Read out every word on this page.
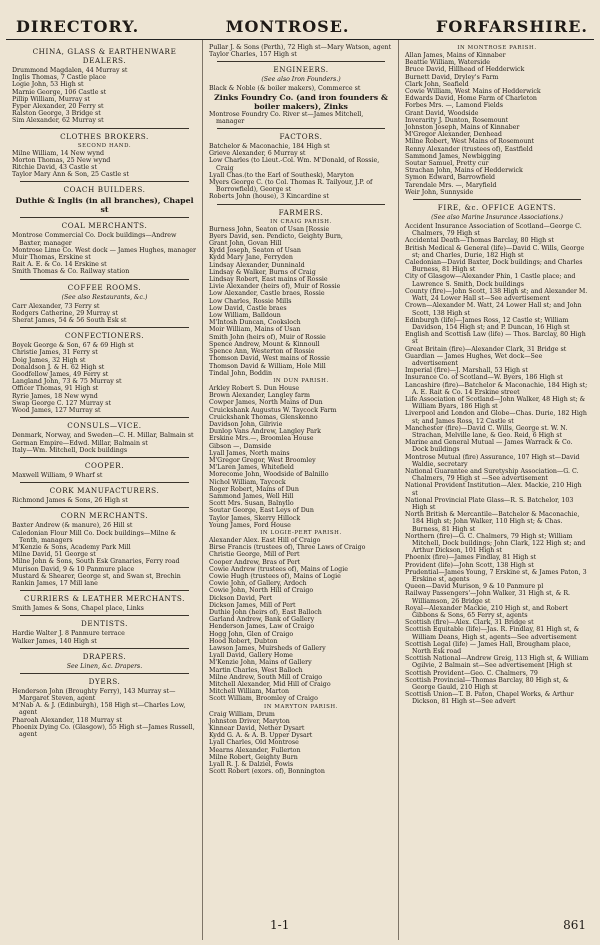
DIRECTORY.	MONTROSE.	FORFARSHIRE.
CHINA, GLASS & EARTHENWARE DEALERS.
Drummond Magdalen, 44 Murray st
Inglis Thomas, 7 Castle place
Logie John, 53 High st
Marnie George, 106 Castle st
Pillip William, Murray st
Fyper Alexander, 20 Ferry st
Ralston George, 3 Bridge st
Sim Alexander, 62 Murray st
CLOTHES BROKERS.
SECOND HAND.
Milne William, 14 New wynd
Morton Thomas, 25 New wynd
Ritchie David, 43 Castle st
Taylor Mary Ann & Son, 25 Castle st
COACH BUILDERS.
Duthie & Inglis (in all branches), Chapel st
COAL MERCHANTS.
Montrose Commercial Co. Dock buildings—Andrew Baxter, manager
Montrose Lime Co. West dock — James Hughes, manager
Muir Thomas, Erskine st
Rait A. E. & Co. 14 Erskine st
Smith Thomas & Co. Railway station
COFFEE ROOMS.
(See also Restaurants, &c.)
Carr Alexander, 73 Ferry st
Rodgers Catherine, 29 Murray st
Sherat James, 54 & 56 South Esk st
CONFECTIONERS.
Boyek George & Son, 67 & 69 High st
Christie James, 31 Ferry st
Doig James, 32 High st
Donaldson J. & H. 62 High st
Goodfellow James, 49 Ferry st
Langland John, 73 & 75 Murray st
Officer Thomas, 91 High st
Ryrie James, 18 New wynd
Swap George C. 127 Murray st
Wood James, 127 Murray st
CONSULS—VICE.
Denmark, Norway, and Sweden—C. H. Millar, Balmain st
German Empire—Edwd. Millar, Balmain st
Italy—Wm. Mitchell, Dock buildings
COOPER.
Maxwell William, 9 Wharf st
CORK MANUFACTURERS.
Richmond James & Sons, 26 High st
CORN MERCHANTS.
Baxter Andrew (& manure), 26 Hill st
Caledonian Flour Mill Co. Dock buildings—Milne & Tenth, managers
M'Kenzie & Sons, Academy Park Mill
Milne David, 51 George st
Milne John & Sons, South Esk Granaries, Ferry road
Murison David, 9 & 10 Panmure place
Mustard & Shearer, George st, and Swan st, Brechin
Rankin James, 17 Mill lane
CURRIERS & LEATHER MERCHANTS.
Smith James & Sons, Chapel place, Links
DENTISTS.
Hardie Walter J. 8 Panmure terrace
Walker James, 140 High st
DRAPERS.
See Linen, &c. Drapers.
DYERS.
Henderson John (Broughty Ferry), 143 Murray st—Margaret Steven, agent
M'Nab A. & J. (Edinburgh), 158 High st—Charles Low, agent
Pharoah Alexander, 118 Murray st
Phoenix Dying Co. (Glasgow), 55 High st—James Russell, agent
Pullar J. & Sons (Perth), 72 High st—Mary Watson, agent
Taylor Charles, 157 High st
ENGINEERS.
(See also Iron Founders.)
Black & Noble (& boiler makers), Commerce st
Zinks Foundry Co. (and iron founders & boiler makers), Zinks
Montrose Foundry Co. River st—James Mitchell, manager
FACTORS.
Batchelor & Maconachie, 184 High st
Grieve Alexander, 6 Murray st
Low Charles (to Lieut.-Col. Wm. M'Donald, of Rossie, Craig
Lyall Chas.(to the Earl of Southesk), Maryton
Myers George C. (to Col. Thomas R. Tailyour, J.P. of Borrowfield), George st
Roberts John (house), 3 Kincardine st
FARMERS.
IN CRAIG PARISH.
Burness John, Seaton of Usan [Rossie
Byers David, sen. Pendicto, Geighty Burn,
Grant John, Govan Hill
Kydd Joseph, Seaton of Usan
Kydd Mary Jane, Ferryden
Lindsay Alexander, Dunninald
Lindsay & Walker, Burns of Craig
Lindsay Robert, East mains of Rossie
Livie Alexander (heirs of), Muir of Rossie
Low Alexander, Castle braes, Rossie
Low Charles, Rossie Mills
Low David, Castle braes
Low William, Balldoun
M'Intosh Duncan, Cooksloch
Moir William, Mains of Usan
Smith John (heirs of), Muir of Rossie
Spence Andrew, Mount & Kinnoull
Spence Ann, Westerton of Rossie
Thomson David, West mains of Rossie
Thomson David & William, Hole Mill
Tindal John, Boddin
IN DUN PARISH.
Arkley Robert S. Dun House
Brown Alexander, Langley farm
Cowper James, North Mains of Dun
Cruickshank Augustus W. Taycock Farm
Cruickshank Thomas, Glenskenno
Davidson John, Gilrivie
Dunlop Vans Andrew, Langley Park
Erskine Mrs.—, Broomlea House
Gibson —, Damside
Lyall James, North mains
M'Gregor Gregor, West Broomley
M'Laren James, Whitefield
Morecome John, Woodside of Balnillo
Nichol William, Taycock
Roger Robert, Mains of Dun
Sammond James, Well Hill
Scott Mrs. Susan, Balnyllo
Soutar George, East Leys of Dun
Taylor James, Skerry Hillock
Young James, Ford House
IN LOGIE-PERT PARISH.
Alexander Alex. East Hill of Craigo
Birse Francis (trustees of), Three Laws of Craigo
Christie George, Mill of Pert
Cooper Andrew, Bras of Pert
Cowie Andrew (trustees of), Mains of Logie
Cowie Hugh (trustees of), Mains of Logie
Cowie John, of Gallery, Ardoch
Cowie John, North Hill of Craigo
Dickson David, Pert
Dickson James, Mill of Pert
Duthie John (heirs of), East Balloch
Garland Andrew, Bank of Gallery
Henderson James, Law of Craigo
Hogg John, Glen of Craigo
Hood Robert, Dubton
Lawson James, Muirsheds of Gallery
Lyall David, Gallery Home
M'Kenzie John, Mains of Gallery
Martin Charles, West Balloch
Milne Andrew, South Mill of Craigo
Mitchell Alexander, Mid Hill of Craigo
Mitchell William, Marton
Scott William, Broomley of Craigo
IN MARYTON PARISH.
Craig William, Drum
Johnston Driver, Maryton
Kinnear David, Nether Dysart
Kydd G. A. & A. B. Upper Dysart
Lyall Charles, Old Montrose
Mearns Alexander, Fullerton
Milne Robert, Geighty Burn
Lyall R. J. & Dalziel, Fowis
Scott Robert (exors. of), Bonnington
IN MONTROSE PARISH.
Allan James, Mains of Kinnaber
Beattie William, Waterside
Bruce David, Hillhead of Hedderwick
Burnett David, Dryley's Farm
Clark John, Seafield
Cowie William, West Mains of Hedderwick
Edwards David, Home Farm of Charleton
Forbes Mrs. —, Lamond Fields
Grant David, Woodside
Inverarity J. Dunton, Rosemount
Johnston Joseph, Mains of Kinnaber
M'Gregor Alexander, Denhead
Milne Robert, West Mains of Rosemount
Renny Alexander (trustees of), Eastfield
Sammond James, Newbigging
Soutar Samuel, Pretty cur
Strachan John, Mains of Hedderwick
Symon Edward, Barrowfield
Tarendale Mrs. —, Maryfield
Weir John, Sunnyside
FIRE, &c. OFFICE AGENTS.
(See also Marine Insurance Associations.)
Accident Insurance Association of Scotland—George C. Chalmers, 79 High st
Accidental Death—Thomas Barclay, 80 High st
British Medical & General (life)—David C. Wills, George st; and Charles, Durie, 182 High st
Caledonian—David Baxter, Dock buildings; and Charles Burness, 81 High st
City of Glasgow—Alexander Phin, 1 Castle place; and Lawrence S. Smith, Dock buildings
County (fire)—John Scott, 138 High st; and Alexander M. Watt, 24 Lower Hall st—See advertisement
Crown—Alexander M. Watt, 24 Lower Hall st; and John Scott, 138 High st
Edinburgh (life)—James Ross, 12 Castle st; William Davidson, 154 High st; and P. Duncan, 16 High st
English and Scottish Law (life) — Thos. Barclay, 80 High st
Great Britain (fire)—Alexander Clark, 31 Bridge st
Guardian — James Hughes, Wet dock—See advertisement
Imperial (fire)—J. Marshall, 53 High st
Insurance Co. of Scotland—W. Byers, 186 High st
Lancashire (fire)—Batchelor & Maconachie, 184 High st; A. E. Rait & Co. 14 Erskine street
Life Association of Scotland—John Walker, 48 High st; & William Byars, 186 High st
Liverpool and London and Globe—Chas. Durie, 182 High st; and James Ross, 12 Castle st
Manchester (fire)—David C. Wills, George st. W. N. Strachan, Melville lane, & Geo. Reid, 6 High st
Marine and General Mutual — James Warrack & Co. Dock buildings
Montrose Mutual (fire) Assurance, 107 High st—David Waldie, secretary
National Guarantee and Suretyship Association—G. C. Chalmers, 79 High st —See advertisement
National Provident Institution—Alex. Mackie, 210 High st
National Provincial Plate Glass—R. S. Batchelor, 103 High st
North British & Mercantile—Batchelor & Maconachie, 184 High st; John Walker, 110 High st; & Chas. Burness, 81 High st
Northern (fire)—G. C. Chalmers, 79 High st; William Mitchell, Dock buildings; John Clark, 122 High st; and Arthur Dickson, 101 High st
Phoenix (fire)—James Findlay, 81 High st
Provident (life)—John Scott, 138 High st
Prudential—James Young, 7 Erskine st, & James Paton, 3 Erskine st, agents
Queen—David Murison, 9 & 10 Panmure pl
Railway Passengers'—John Walker, 31 High st, & R. Williamson, 26 Bridge st
Royal—Alexander Mackie, 210 High st, and Robert Gibbons & Sons, 65 Ferry st, agents
Scottish (fire)—Alex. Clark, 31 Bridge st
Scottish Equitable (life)—Jas. R. Findlay, 81 High st, & William Deans, High st, agents—See advertisement
Scottish Legal (life) — James Hall, Brougham place, North Esk road
Scottish National—Andrew Greig, 113 High st, & William Ogilvie, 2 Balmain st—See advertisement [High st
Scottish Provident—Geo. C. Chalmers, 79
Scottish Provincial—Thomas Barclay, 80 High st, & George Gauld, 210 High st
Scottish Union—T. B. Paton, Chapel Works, & Arthur Dickson, 81 High st—See advert
1-1	861
